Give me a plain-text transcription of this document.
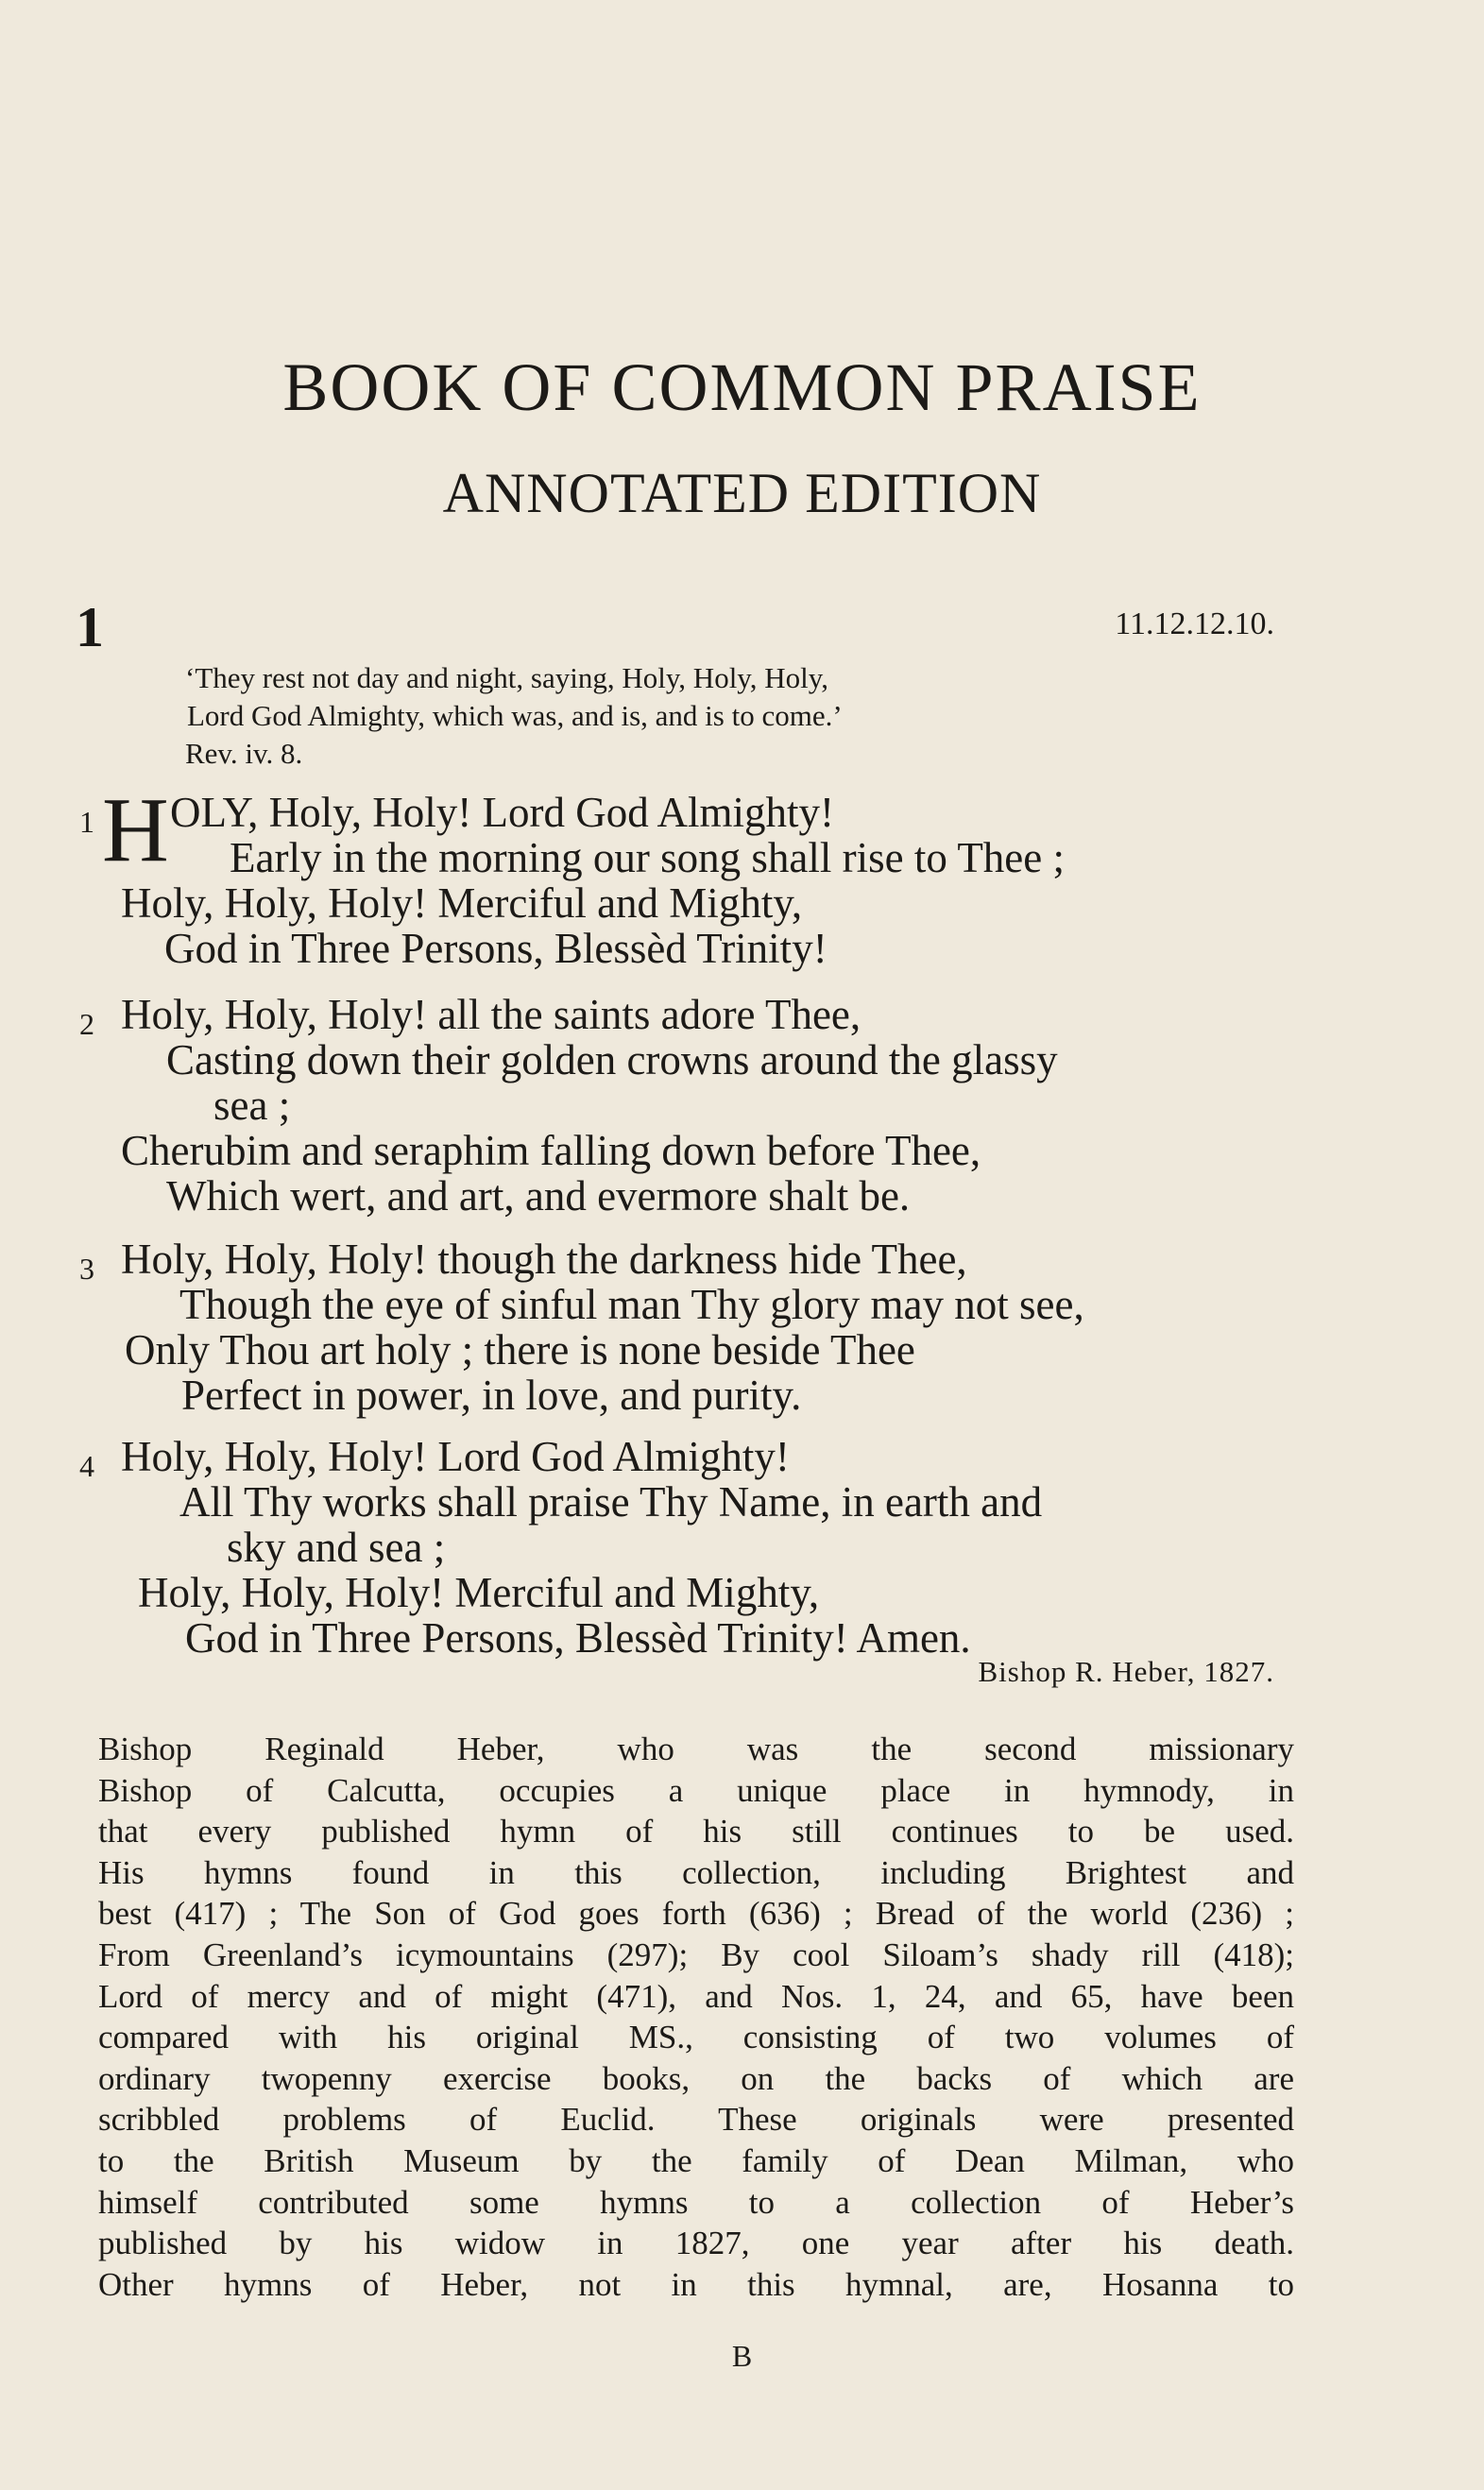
BOOK OF COMMON PRAISE
ANNOTATED EDITION
1	11.12.12.10.
‘They rest not day and night, saying, Holy, Holy, Holy,
Lord God Almighty, which was, and is, and is to come.’
Rev. iv. 8.
1 H OLY, Holy, Holy! Lord God Almighty!
Early in the morning our song shall rise to Thee ;
Holy, Holy, Holy! Merciful and Mighty,
God in Three Persons, Blessèd Trinity!
2 Holy, Holy, Holy! all the saints adore Thee,
Casting down their golden crowns around the glassy
sea ;
Cherubim and seraphim falling down before Thee,
Which wert, and art, and evermore shalt be.
3 Holy, Holy, Holy! though the darkness hide Thee,
Though the eye of sinful man Thy glory may not see,
Only Thou art holy ; there is none beside Thee
Perfect in power, in love, and purity.
4 Holy, Holy, Holy! Lord God Almighty!
All Thy works shall praise Thy Name, in earth and
sky and sea ;
Holy, Holy, Holy! Merciful and Mighty,
God in Three Persons, Blessèd Trinity! Amen.
Bishop R. Heber, 1827.
Bishop Reginald Heber, who was the second missionary
Bishop of Calcutta, occupies a unique place in hymnody, in
that every published hymn of his still continues to be used.
His hymns found in this collection, including Brightest and
best (417) ; The Son of God goes forth (636) ; Bread of the world (236) ;
From Greenland’s icymountains (297); By cool Siloam’s shady rill (418);
Lord of mercy and of might (471), and Nos. 1, 24, and 65, have been
compared with his original MS., consisting of two volumes of
ordinary twopenny exercise books, on the backs of which are
scribbled problems of Euclid. These originals were presented
to the British Museum by the family of Dean Milman, who
himself contributed some hymns to a collection of Heber’s
published by his widow in 1827, one year after his death.
Other hymns of Heber, not in this hymnal, are, Hosanna to
B
